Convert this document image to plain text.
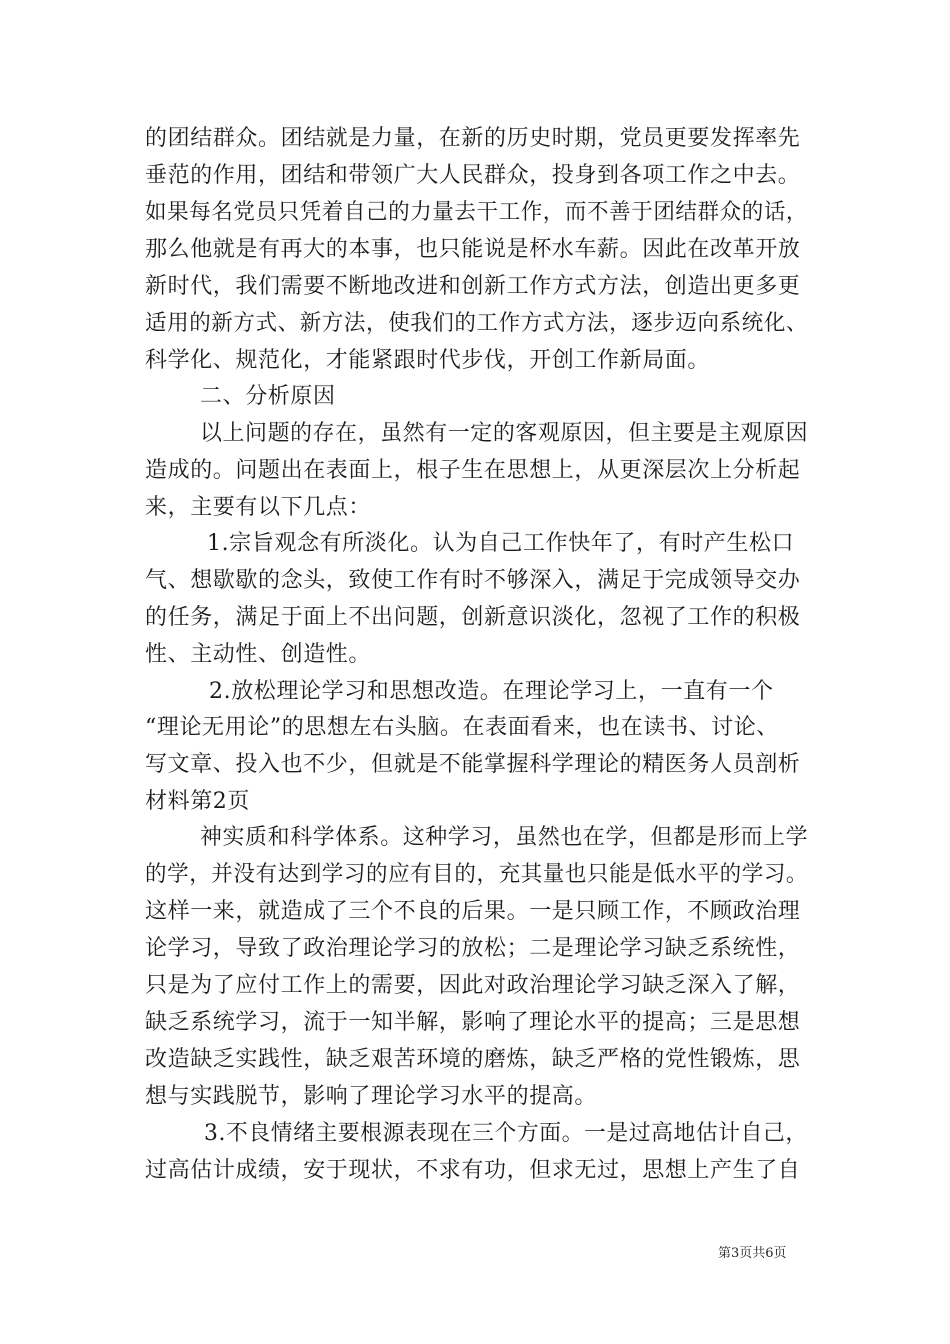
的团结群众。团结就是力量，在新的历史时期，党员更要发挥率先
垂范的作用，团结和带领广大人民群众，投身到各项工作之中去。
如果每名党员只凭着自己的力量去干工作，而不善于团结群众的话，
那么他就是有再大的本事，也只能说是杯水车薪。因此在改革开放
新时代，我们需要不断地改进和创新工作方式方法，创造出更多更
适用的新方式、新方法，使我们的工作方式方法，逐步迈向系统化、
科学化、规范化，才能紧跟时代步伐，开创工作新局面。
二、分析原因
以上问题的存在，虽然有一定的客观原因，但主要是主观原因
造成的。问题出在表面上，根子生在思想上，从更深层次上分析起
来，主要有以下几点：
1.宗旨观念有所淡化。认为自己工作快年了，有时产生松口
气、想歇歇的念头，致使工作有时不够深入，满足于完成领导交办
的任务，满足于面上不出问题，创新意识淡化，忽视了工作的积极
性、主动性、创造性。
2.放松理论学习和思想改造。在理论学习上，一直有一个
“理论无用论”的思想左右头脑。在表面看来，也在读书、讨论、
写文章、投入也不少，但就是不能掌握科学理论的精医务人员剖析
材料第2页
神实质和科学体系。这种学习，虽然也在学，但都是形而上学
的学，并没有达到学习的应有目的，充其量也只能是低水平的学习。
这样一来，就造成了三个不良的后果。一是只顾工作，不顾政治理
论学习，导致了政治理论学习的放松；二是理论学习缺乏系统性，
只是为了应付工作上的需要，因此对政治理论学习缺乏深入了解，
缺乏系统学习，流于一知半解，影响了理论水平的提高；三是思想
改造缺乏实践性，缺乏艰苦环境的磨炼，缺乏严格的党性锻炼，思
想与实践脱节，影响了理论学习水平的提高。
3.不良情绪主要根源表现在三个方面。一是过高地估计自己，
过高估计成绩，安于现状，不求有功，但求无过，思想上产生了自
第3页共6页
